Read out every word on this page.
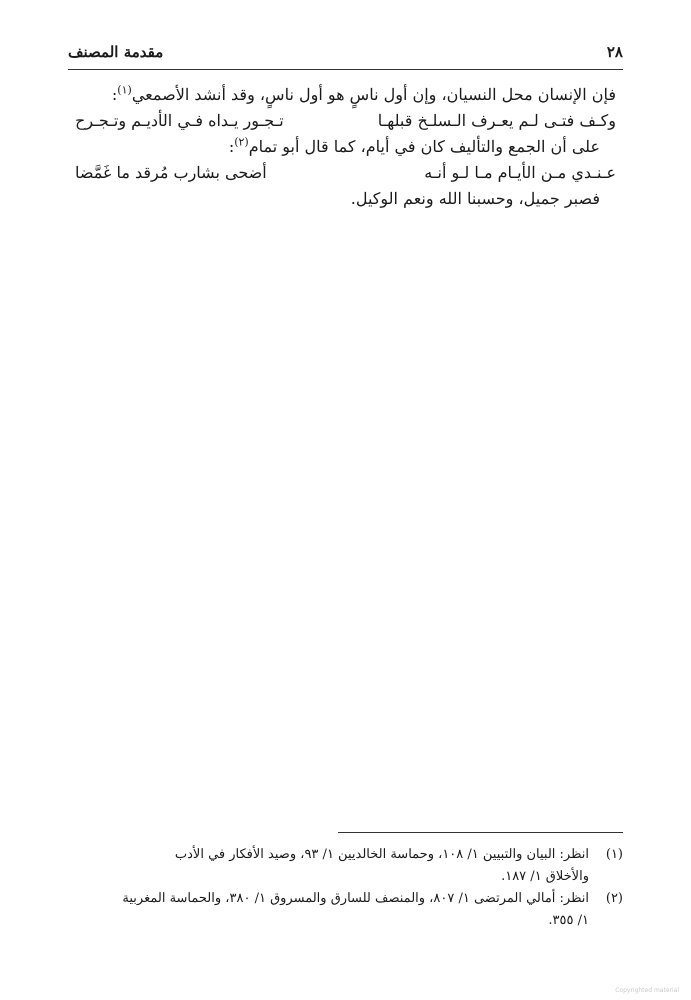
٢٨
مقدمة المصنف
فإن الإنسان محل النسيان، وإن أول ناسٍ هو أول ناسٍ، وقد أنشد الأصمعي$^{(١)}$:
وكـف فتـى لـم يعـرف الـسلـخ قبلهـا
تـجـور يـداه فـي الأديـم وتـجـرح
على أن الجمع والتأليف كان في أيام، كما قال أبو تمام$^{(٢)}$:
عـنـدي مـن الأيـام مـا لـو أنـه
أضحى بشارب مُرقد ما غَمَّضا
فصبر جميل، وحسبنا الله ونعم الوكيل.
(١)
انظر: البيان والتبيين ١/ ١٠٨، وحماسة الخالديين ١/ ٩٣، وصيد الأفكار في الأدب
والأخلاق ١/ ١٨٧.
(٢)
انظر: أمالي المرتضى ١/ ٨٠٧، والمنصف للسارق والمسروق ١/ ٣٨٠، والحماسة المغربية
١/ ٣٥٥.
Copyrighted material
